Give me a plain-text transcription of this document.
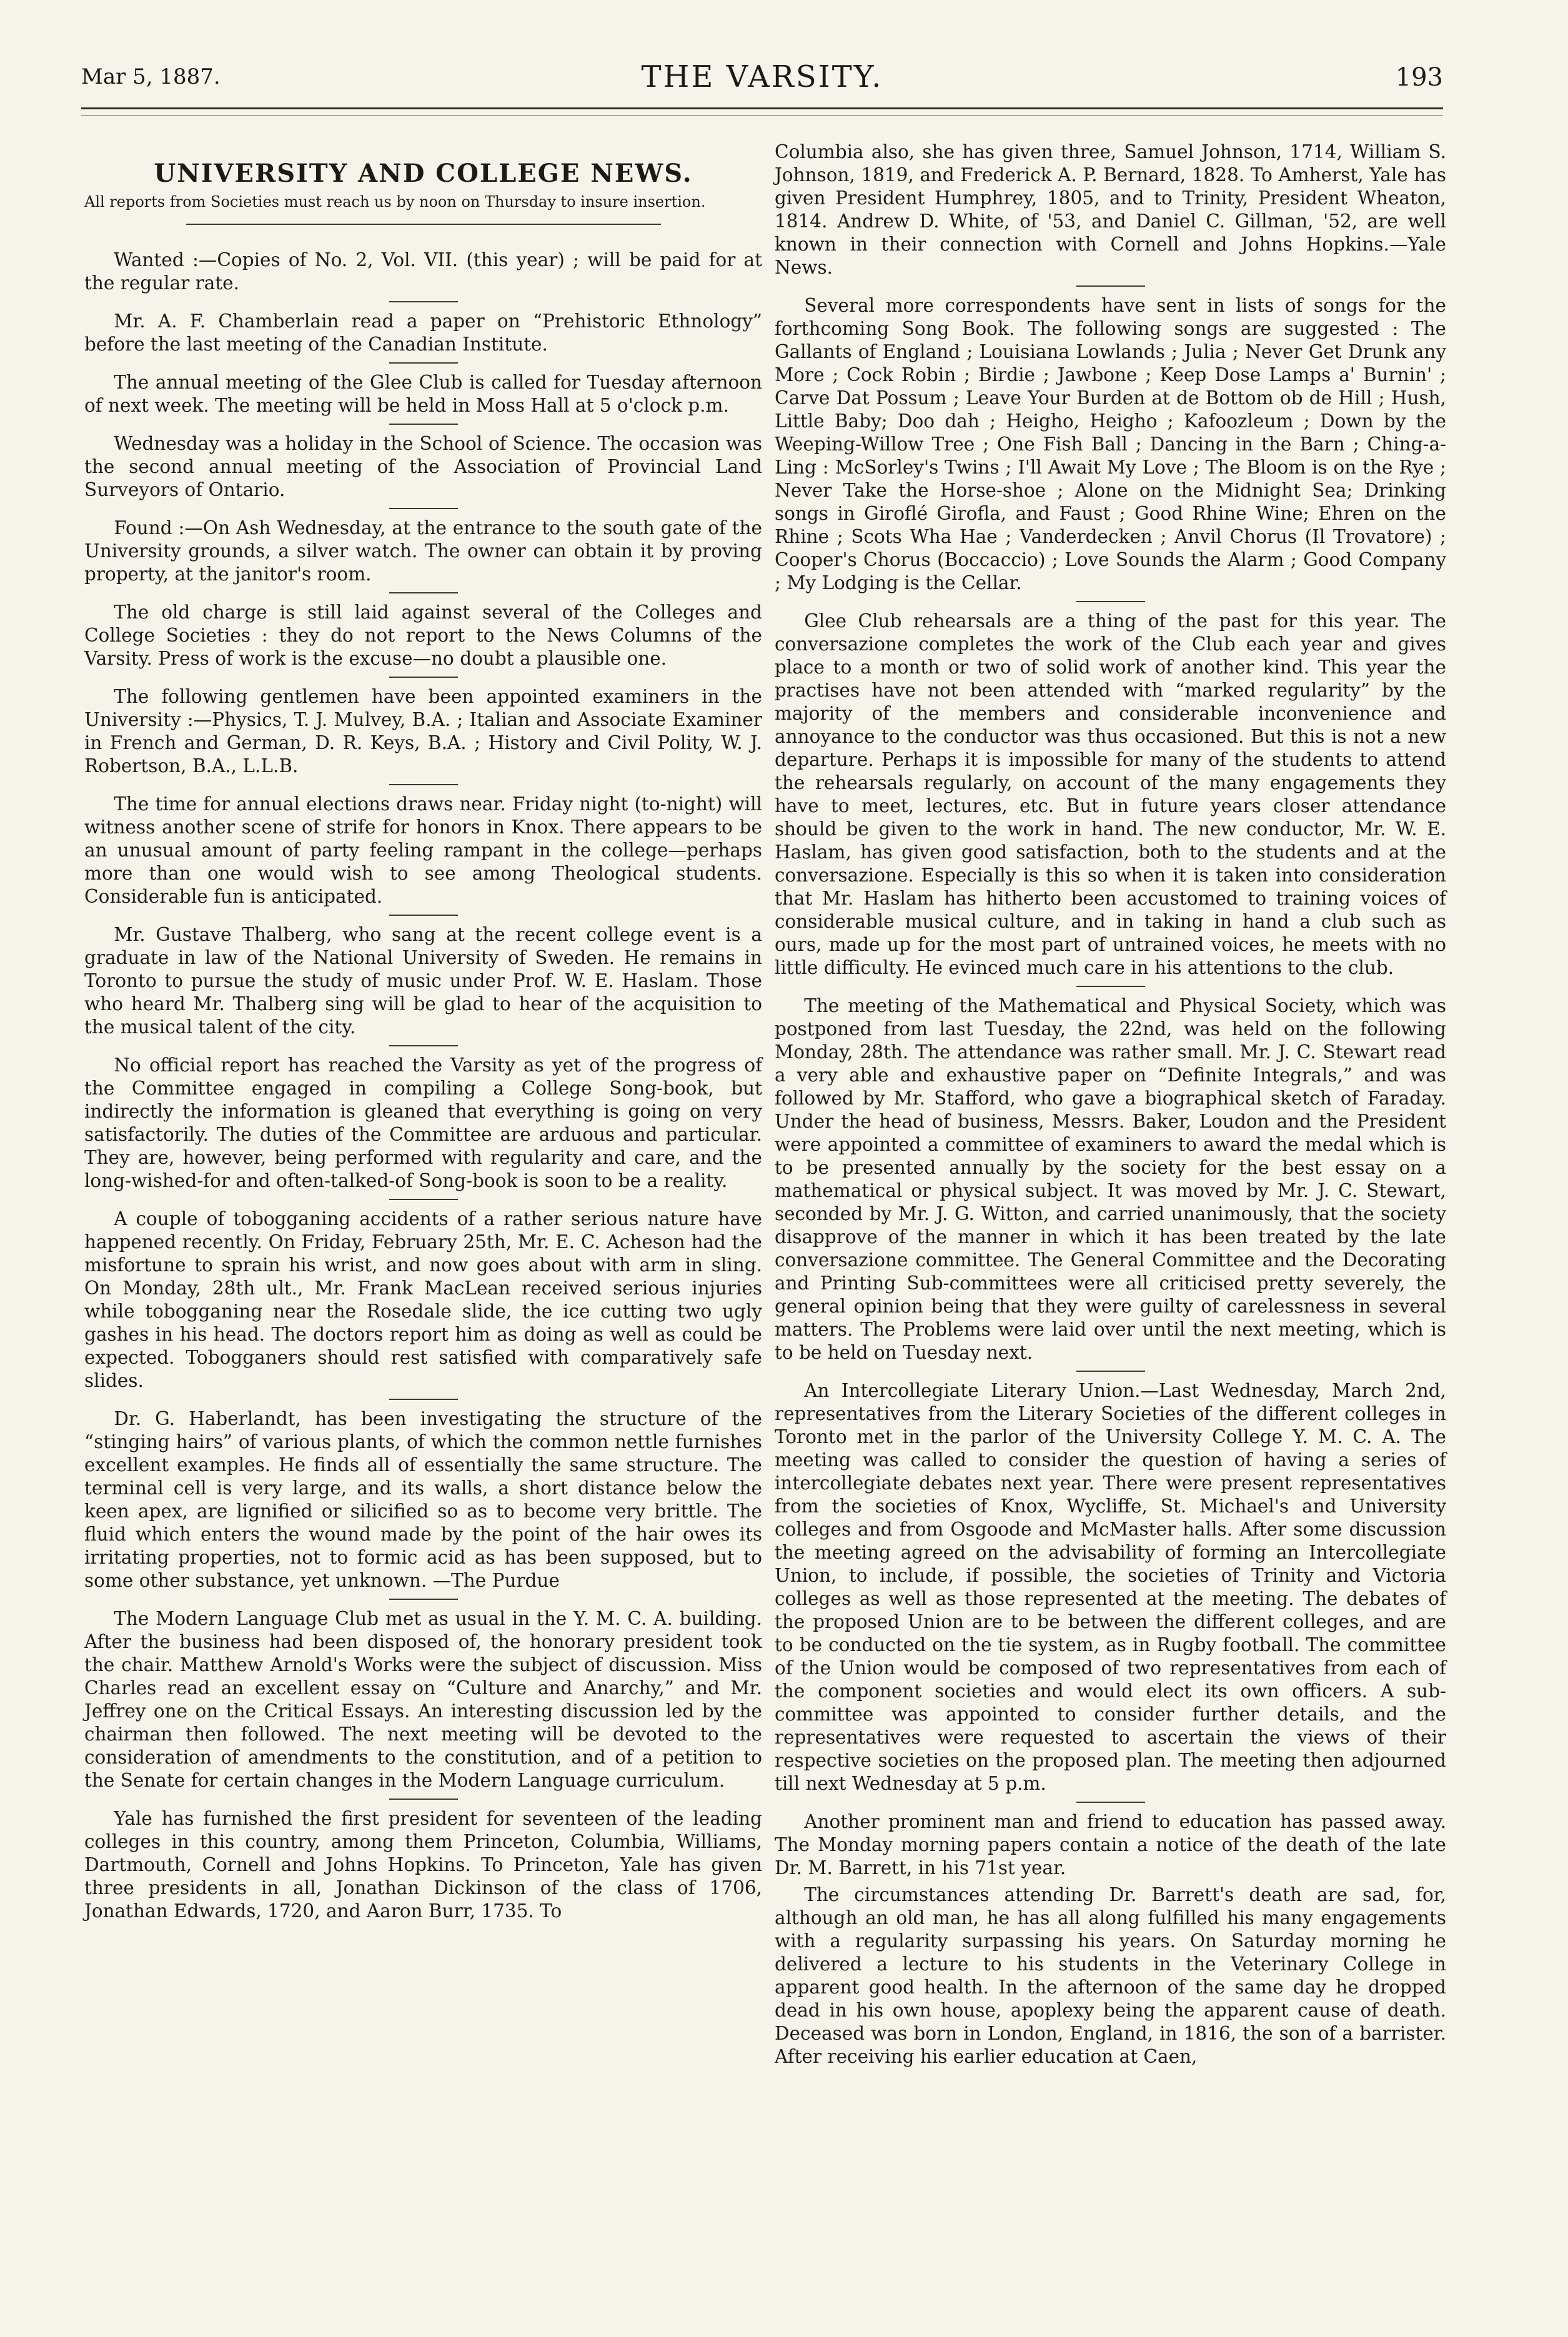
Mar 5, 1887.	THE VARSITY.	193
UNIVERSITY AND COLLEGE NEWS.
All reports from Societies must reach us by noon on Thursday to insure insertion.

Wanted :—Copies of No. 2, Vol. VII. (this year) ; will be paid for at the regular rate.

Mr. A. F. Chamberlain read a paper on “Prehistoric Ethnology” before the last meeting of the Canadian Institute.

The annual meeting of the Glee Club is called for Tuesday afternoon of next week. The meeting will be held in Moss Hall at 5 o'clock p.m.

Wednesday was a holiday in the School of Science. The occasion was the second annual meeting of the Association of Provincial Land Surveyors of Ontario.

Found :—On Ash Wednesday, at the entrance to the south gate of the University grounds, a silver watch. The owner can obtain it by proving property, at the janitor's room.

The old charge is still laid against several of the Colleges and College Societies : they do not report to the News Columns of the Varsity. Press of work is the excuse—no doubt a plausible one.

The following gentlemen have been appointed examiners in the University :—Physics, T. J. Mulvey, B.A. ; Italian and Associate Examiner in French and German, D. R. Keys, B.A. ; History and Civil Polity, W. J. Robertson, B.A., L.L.B.

The time for annual elections draws near. Friday night (to-night) will witness another scene of strife for honors in Knox. There appears to be an unusual amount of party feeling rampant in the college—perhaps more than one would wish to see among Theological students. Considerable fun is anticipated.

Mr. Gustave Thalberg, who sang at the recent college event is a graduate in law of the National University of Sweden. He remains in Toronto to pursue the study of music under Prof. W. E. Haslam. Those who heard Mr. Thalberg sing will be glad to hear of the acquisition to the musical talent of the city.

No official report has reached the Varsity as yet of the progress of the Committee engaged in compiling a College Song-book, but indirectly the information is gleaned that everything is going on very satisfactorily. The duties of the Committee are arduous and particular. They are, however, being performed with regularity and care, and the long-wished-for and often-talked-of Song-book is soon to be a reality.

A couple of tobogganing accidents of a rather serious nature have happened recently. On Friday, February 25th, Mr. E. C. Acheson had the misfortune to sprain his wrist, and now goes about with arm in sling. On Monday, 28th ult., Mr. Frank MacLean received serious injuries while tobogganing near the Rosedale slide, the ice cutting two ugly gashes in his head. The doctors report him as doing as well as could be expected. Tobogganers should rest satisfied with comparatively safe slides.

Dr. G. Haberlandt, has been investigating the structure of the “stinging hairs” of various plants, of which the common nettle furnishes excellent examples. He finds all of essentially the same structure. The terminal cell is very large, and its walls, a short distance below the keen apex, are lignified or silicified so as to become very brittle. The fluid which enters the wound made by the point of the hair owes its irritating properties, not to formic acid as has been supposed, but to some other substance, yet unknown. —The Purdue

The Modern Language Club met as usual in the Y. M. C. A. building. After the business had been disposed of, the honorary president took the chair. Matthew Arnold's Works were the subject of discussion. Miss Charles read an excellent essay on “Culture and Anarchy,” and Mr. Jeffrey one on the Critical Essays. An interesting discussion led by the chairman then followed. The next meeting will be devoted to the consideration of amendments to the constitution, and of a petition to the Senate for certain changes in the Modern Language curriculum.

Yale has furnished the first president for seventeen of the leading colleges in this country, among them Princeton, Columbia, Williams, Dartmouth, Cornell and Johns Hopkins. To Princeton, Yale has given three presidents in all, Jonathan Dickinson of the class of 1706, Jonathan Edwards, 1720, and Aaron Burr, 1735. To

Columbia also, she has given three, Samuel Johnson, 1714, William S. Johnson, 1819, and Frederick A. P. Bernard, 1828. To Amherst, Yale has given President Humphrey, 1805, and to Trinity, President Wheaton, 1814. Andrew D. White, of '53, and Daniel C. Gillman, '52, are well known in their connection with Cornell and Johns Hopkins.—Yale News.

Several more correspondents have sent in lists of songs for the forthcoming Song Book. The following songs are suggested : The Gallants of England ; Louisiana Lowlands ; Julia ; Never Get Drunk any More ; Cock Robin ; Birdie ; Jawbone ; Keep Dose Lamps a' Burnin' ; Carve Dat Possum ; Leave Your Burden at de Bottom ob de Hill ; Hush, Little Baby; Doo dah ; Heigho, Heigho ; Kafoozleum ; Down by the Weeping-Willow Tree ; One Fish Ball ; Dancing in the Barn ; Ching-a-Ling : McSorley's Twins ; I'll Await My Love ; The Bloom is on the Rye ; Never Take the Horse-shoe ; Alone on the Midnight Sea; Drinking songs in Giroflé Girofla, and Faust ; Good Rhine Wine; Ehren on the Rhine ; Scots Wha Hae ; Vanderdecken ; Anvil Chorus (Il Trovatore) ; Cooper's Chorus (Boccaccio) ; Love Sounds the Alarm ; Good Company ; My Lodging is the Cellar.

Glee Club rehearsals are a thing of the past for this year. The conversazione completes the work of the Club each year and gives place to a month or two of solid work of another kind. This year the practises have not been attended with “marked regularity” by the majority of the members and considerable inconvenience and annoyance to the conductor was thus occasioned. But this is not a new departure. Perhaps it is impossible for many of the students to attend the rehearsals regularly, on account of the many engagements they have to meet, lectures, etc. But in future years closer attendance should be given to the work in hand. The new conductor, Mr. W. E. Haslam, has given good satisfaction, both to the students and at the conversazione. Especially is this so when it is taken into consideration that Mr. Haslam has hitherto been accustomed to training voices of considerable musical culture, and in taking in hand a club such as ours, made up for the most part of untrained voices, he meets with no little difficulty. He evinced much care in his attentions to the club.

The meeting of the Mathematical and Physical Society, which was postponed from last Tuesday, the 22nd, was held on the following Monday, 28th. The attendance was rather small. Mr. J. C. Stewart read a very able and exhaustive paper on “Definite Integrals,” and was followed by Mr. Stafford, who gave a biographical sketch of Faraday. Under the head of business, Messrs. Baker, Loudon and the President were appointed a committee of examiners to award the medal which is to be presented annually by the society for the best essay on a mathematical or physical subject. It was moved by Mr. J. C. Stewart, seconded by Mr. J. G. Witton, and carried unanimously, that the society disapprove of the manner in which it has been treated by the late conversazione committee. The General Committee and the Decorating and Printing Sub-committees were all criticised pretty severely, the general opinion being that they were guilty of carelessness in several matters. The Problems were laid over until the next meeting, which is to be held on Tuesday next.

An Intercollegiate Literary Union.—Last Wednesday, March 2nd, representatives from the Literary Societies of the different colleges in Toronto met in the parlor of the University College Y. M. C. A. The meeting was called to consider the question of having a series of intercollegiate debates next year. There were present representatives from the societies of Knox, Wycliffe, St. Michael's and University colleges and from Osgoode and McMaster halls. After some discussion the meeting agreed on the advisability of forming an Intercollegiate Union, to include, if possible, the societies of Trinity and Victoria colleges as well as those represented at the meeting. The debates of the proposed Union are to be between the different colleges, and are to be conducted on the tie system, as in Rugby football. The committee of the Union would be composed of two representatives from each of the component societies and would elect its own officers. A sub-committee was appointed to consider further details, and the representatives were requested to ascertain the views of their respective societies on the proposed plan. The meeting then adjourned till next Wednesday at 5 p.m.

Another prominent man and friend to education has passed away. The Monday morning papers contain a notice of the death of the late Dr. M. Barrett, in his 71st year.

The circumstances attending Dr. Barrett's death are sad, for, although an old man, he has all along fulfilled his many engagements with a regularity surpassing his years. On Saturday morning he delivered a lecture to his students in the Veterinary College in apparent good health. In the afternoon of the same day he dropped dead in his own house, apoplexy being the apparent cause of death. Deceased was born in London, England, in 1816, the son of a barrister. After receiving his earlier education at Caen,
